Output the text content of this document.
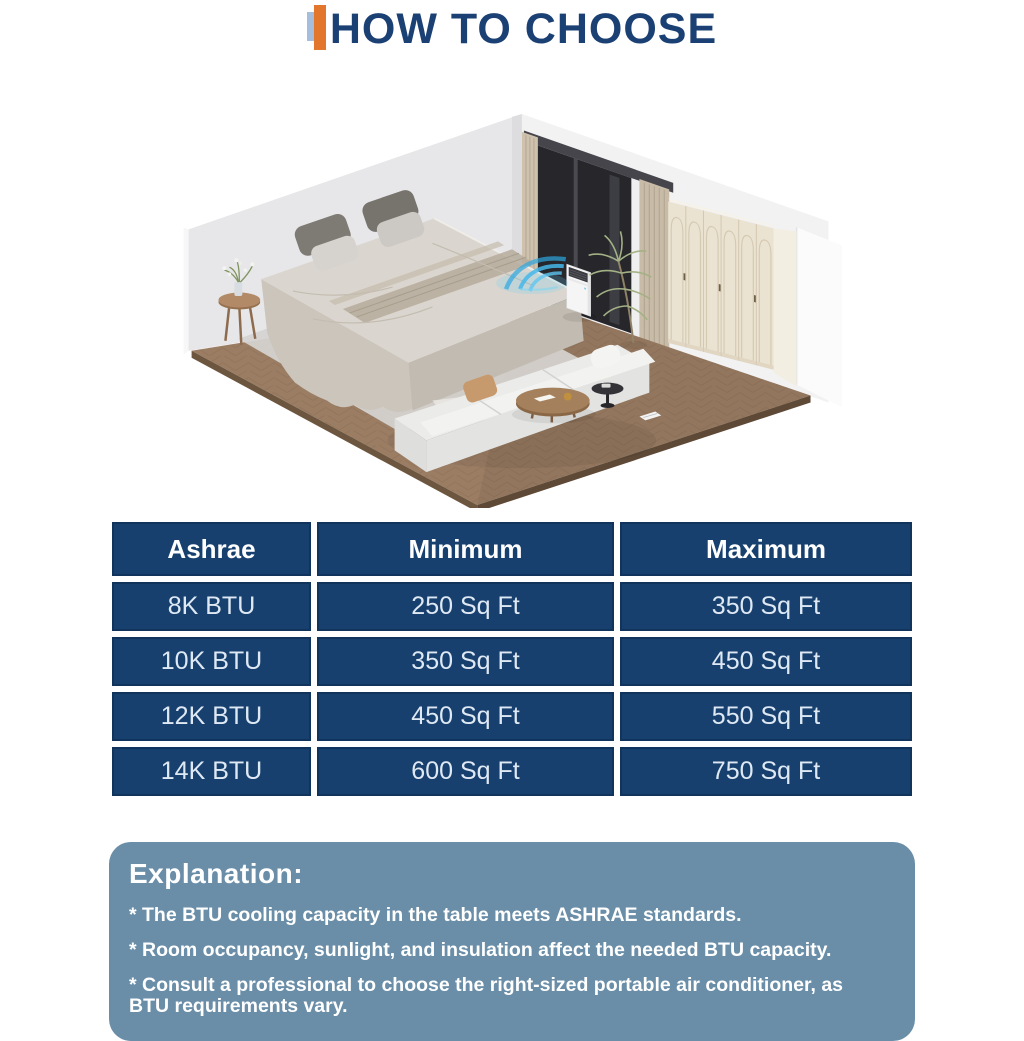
HOW TO CHOOSE
Ashrae	Minimum	Maximum
8K BTU	250 Sq Ft	350 Sq Ft
10K BTU	350 Sq Ft	450 Sq Ft
12K BTU	450 Sq Ft	550 Sq Ft
14K BTU	600 Sq Ft	750 Sq Ft
Explanation:
* The BTU cooling capacity in the table meets ASHRAE standards.
* Room occupancy, sunlight, and insulation affect the needed BTU capacity.
* Consult a professional to choose the right-sized portable air conditioner, as  BTU requirements vary.
